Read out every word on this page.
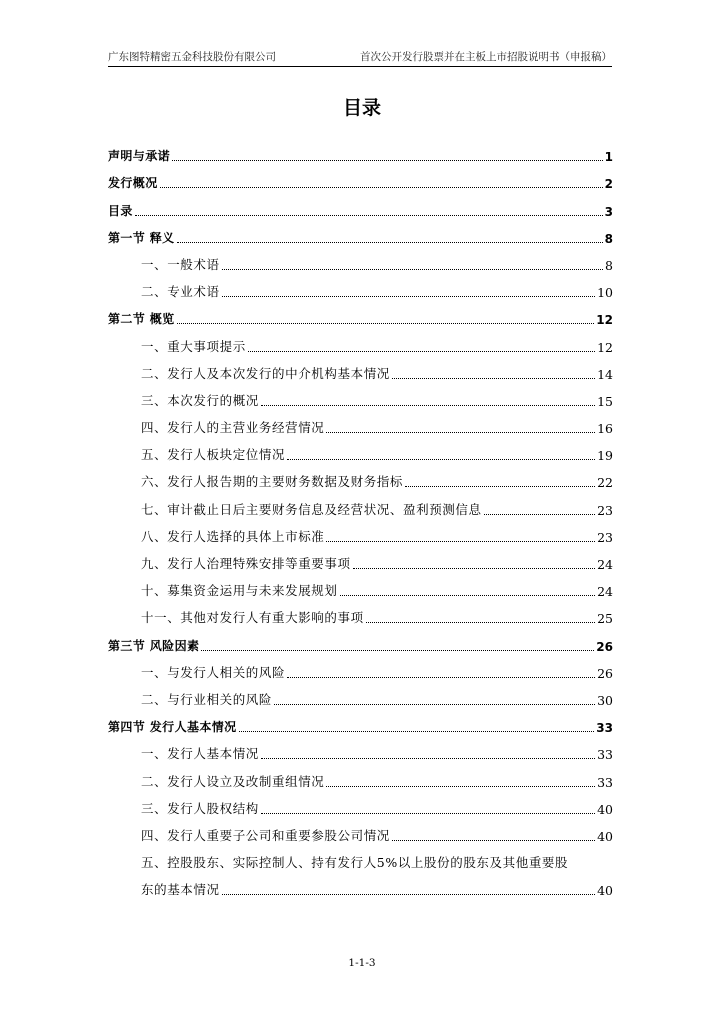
广东图特精密五金科技股份有限公司	首次公开发行股票并在主板上市招股说明书（申报稿）
目录
声明与承诺	1
发行概况	2
目录	3
第一节 释义	8
一、一般术语	8
二、专业术语	10
第二节 概览	12
一、重大事项提示	12
二、发行人及本次发行的中介机构基本情况	14
三、本次发行的概况	15
四、发行人的主营业务经营情况	16
五、发行人板块定位情况	19
六、发行人报告期的主要财务数据及财务指标	22
七、审计截止日后主要财务信息及经营状况、盈利预测信息	23
八、发行人选择的具体上市标准	23
九、发行人治理特殊安排等重要事项	24
十、募集资金运用与未来发展规划	24
十一、其他对发行人有重大影响的事项	25
第三节 风险因素	26
一、与发行人相关的风险	26
二、与行业相关的风险	30
第四节 发行人基本情况	33
一、发行人基本情况	33
二、发行人设立及改制重组情况	33
三、发行人股权结构	40
四、发行人重要子公司和重要参股公司情况	40
五、控股股东、实际控制人、持有发行人5%以上股份的股东及其他重要股
东的基本情况	40
1-1-3
